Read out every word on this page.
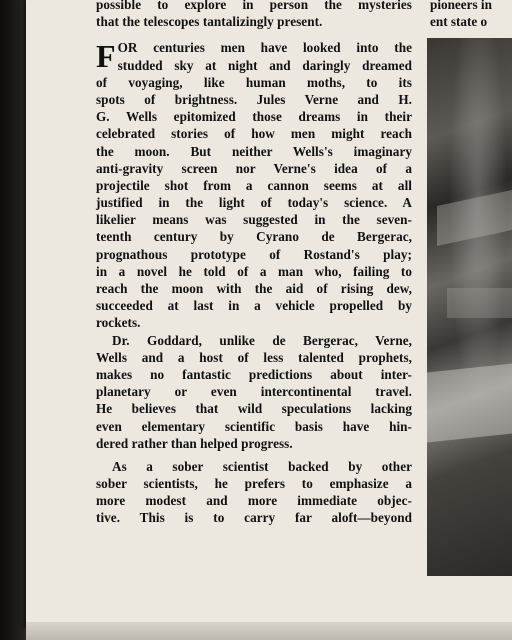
possible to explore in person the mysteries
that the telescopes tantalizingly present.
F OR centuries men have looked into the
studded sky at night and daringly dreamed
of voyaging, like human moths, to its
spots of brightness. Jules Verne and H.
G. Wells epitomized those dreams in their
celebrated stories of how men might reach
the moon. But neither Wells's imaginary
anti-gravity screen nor Verne's idea of a
projectile shot from a cannon seems at all
justified in the light of today's science. A
likelier means was suggested in the seven-
teenth century by Cyrano de Bergerac,
prognathous prototype of Rostand's play;
in a novel he told of a man who, failing to
reach the moon with the aid of rising dew,
succeeded at last in a vehicle propelled by
rockets.
Dr. Goddard, unlike de Bergerac, Verne,
Wells and a host of less talented prophets,
makes no fantastic predictions about inter-
planetary or even intercontinental travel.
He believes that wild speculations lacking
even elementary scientific basis have hin-
dered rather than helped progress.
As a sober scientist backed by other
sober scientists, he prefers to emphasize a
more modest and more immediate objec-
tive. This is to carry far aloft—beyond
pioneers in
ent state o
